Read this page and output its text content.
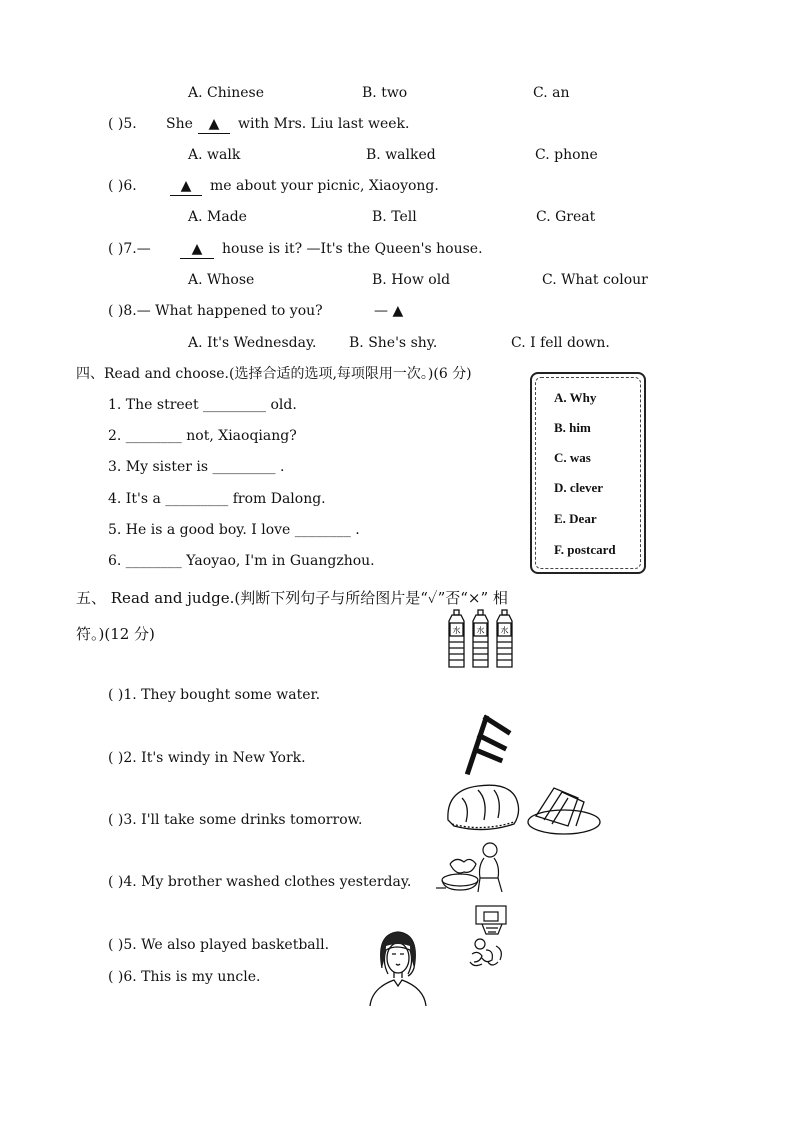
A. Chinese	B. two	C. an
( )5. She	▲	with Mrs. Liu last week.
A. walk	B. walked	C. phone
( )6.	▲	me about your picnic, Xiaoyong.
A. Made	B. Tell	C. Great
( )7.—	▲	house is it? —It's the Queen's house.
A. Whose	B. How old	C. What colour
( )8.— What happened to you?	— ▲
A. It's Wednesday. B. She's shy.	C. I fell down.
四、Read and choose.(选择合适的选项,每项限用一次。)(6 分)
1. The street _________ old.
2. ________ not, Xiaoqiang?
3. My sister is _________ .
4. It's a _________ from Dalong.
5. He is a good boy. I love ________ .
6. ________ Yaoyao, I'm in Guangzhou.
A. Why
B. him
C. was
D. clever
E. Dear
F. postcard
五、 Read and judge.(判断下列句子与所给图片是“✓”否“×” 相
符。)(12 分)
( )1. They bought some water.
( )2. It's windy in New York.
( )3. I'll take some drinks tomorrow.
( )4. My brother washed clothes yesterday.
( )5. We also played basketball.
( )6. This is my uncle.
水 水 水
